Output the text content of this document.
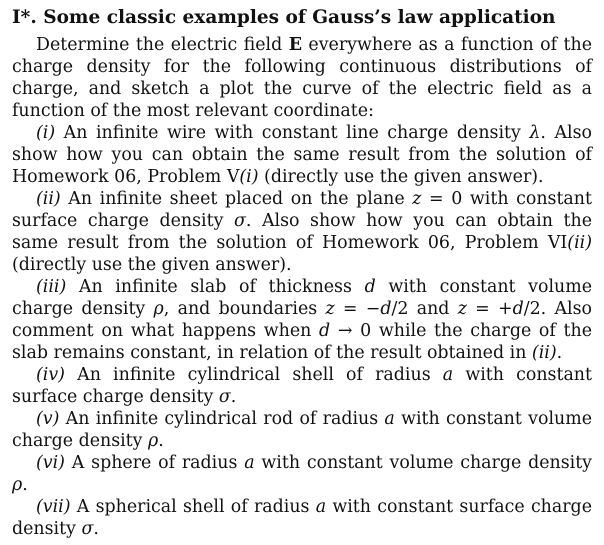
I*. Some classic examples of Gauss’s law application

Determine the electric field E everywhere as a function of the charge density for the following continuous distributions of charge, and sketch a plot the curve of the electric field as a function of the most relevant coordinate:

(i) An infinite wire with constant line charge density λ. Also show how you can obtain the same result from the solution of Homework 06, Problem V(i) (directly use the given answer).

(ii) An infinite sheet placed on the plane z = 0 with constant surface charge density σ. Also show how you can obtain the same result from the solution of Homework 06, Problem VI(ii) (directly use the given answer).

(iii) An infinite slab of thickness d with constant volume charge density ρ, and boundaries z = −d/2 and z = +d/2. Also comment on what happens when d → 0 while the charge of the slab remains constant, in relation of the result obtained in (ii).

(iv) An infinite cylindrical shell of radius a with constant surface charge density σ.

(v) An infinite cylindrical rod of radius a with constant volume charge density ρ.

(vi) A sphere of radius a with constant volume charge density ρ.

(vii) A spherical shell of radius a with constant surface charge density σ.
